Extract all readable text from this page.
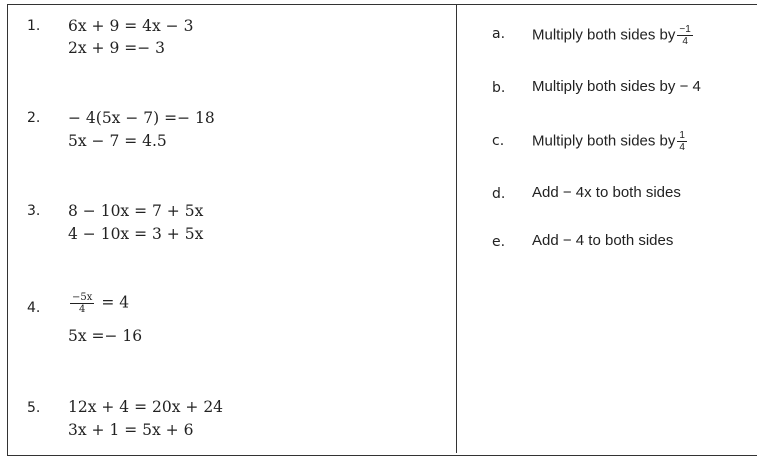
1. 6x + 9 = 4x − 3
2x + 9 =− 3
2. − 4(5x − 7) =− 18
5x − 7 = 4.5
3. 8 − 10x = 7 + 5x
4 − 10x = 3 + 5x
4.	$\frac{-5x}{4} = 4$
5x =− 16
5. 12x + 4 = 20x + 24
3x + 1 = 5x + 6
a. Multiply both sides by $\frac{-1}{4}$
b. Multiply both sides by − 4
c. Multiply both sides by $\frac{1}{4}$
d. Add − 4x to both sides
e. Add − 4 to both sides
